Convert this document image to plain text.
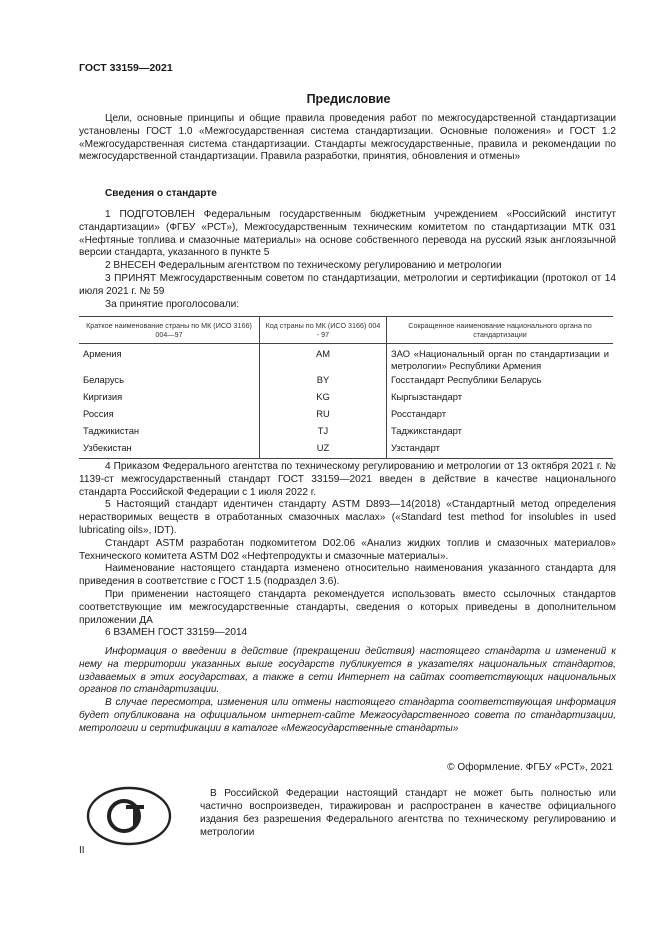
ГОСТ 33159—2021
Предисловие

Цели, основные принципы и общие правила проведения работ по межгосударственной стандартизации установлены ГОСТ 1.0 «Межгосударственная система стандартизации. Основные положения» и ГОСТ 1.2 «Межгосударственная система стандартизации. Стандарты межгосударственные, правила и рекомендации по межгосударственной стандартизации. Правила разработки, принятия, обновления и отмены»

Сведения о стандарте

1 ПОДГОТОВЛЕН Федеральным государственным бюджетным учреждением «Российский институт стандартизации» (ФГБУ «РСТ»), Межгосударственным техническим комитетом по стандартизации МТК 031 «Нефтяные топлива и смазочные материалы» на основе собственного перевода на русский язык англоязычной версии стандарта, указанного в пункте 5

2 ВНЕСЕН Федеральным агентством по техническому регулированию и метрологии

3 ПРИНЯТ Межгосударственным советом по стандартизации, метрологии и сертификации (протокол от 14 июля 2021 г. № 59

За принятие проголосовали:

Краткое наименование страны по МК (ИСО 3166) 004—97	Код страны по МК (ИСО 3166) 004 - 97	Сокращенное наименование национального органа по стандартизации
Армения	AM	ЗАО «Национальный орган по стандартизации и метрологии» Республики Армения
Беларусь	BY	Госстандарт Республики Беларусь
Киргизия	KG	Кыргызстандарт
Россия	RU	Росстандарт
Таджикистан	TJ	Таджикстандарт
Узбекистан	UZ	Узстандарт

4 Приказом Федерального агентства по техническому регулированию и метрологии от 13 октября 2021 г. № 1139-ст межгосударственный стандарт ГОСТ 33159—2021 введен в действие в качестве национального стандарта Российской Федерации с 1 июля 2022 г.

5 Настоящий стандарт идентичен стандарту ASTM D893—14(2018) «Стандартный метод определения нерастворимых веществ в отработанных смазочных маслах» («Standard test method for insolubles in used lubricating oils», IDT).

Стандарт ASTM разработан подкомитетом D02.06 «Анализ жидких топлив и смазочных материалов» Технического комитета ASTM D02 «Нефтепродукты и смазочные материалы».

Наименование настоящего стандарта изменено относительно наименования указанного стандарта для приведения в соответствие с ГОСТ 1.5 (подраздел 3.6).

При применении настоящего стандарта рекомендуется использовать вместо ссылочных стандартов соответствующие им межгосударственные стандарты, сведения о которых приведены в дополнительном приложении ДА

6 ВЗАМЕН ГОСТ 33159—2014

Информация о введении в действие (прекращении действия) настоящего стандарта и изменений к нему на территории указанных выше государств публикуется в указателях национальных стандартов, издаваемых в этих государствах, а также в сети Интернет на сайтах соответствующих национальных органов по стандартизации.

В случае пересмотра, изменения или отмены настоящего стандарта соответствующая информация будет опубликована на официальном интернет-сайте Межгосударственного совета по стандартизации, метрологии и сертификации в каталоге «Межгосударственные стандарты»

© Оформление. ФГБУ «РСТ», 2021

В Российской Федерации настоящий стандарт не может быть полностью или частично воспроизведен, тиражирован и распространен в качестве официального издания без разрешения Федерального агентства по техническому регулированию и метрологии

II
